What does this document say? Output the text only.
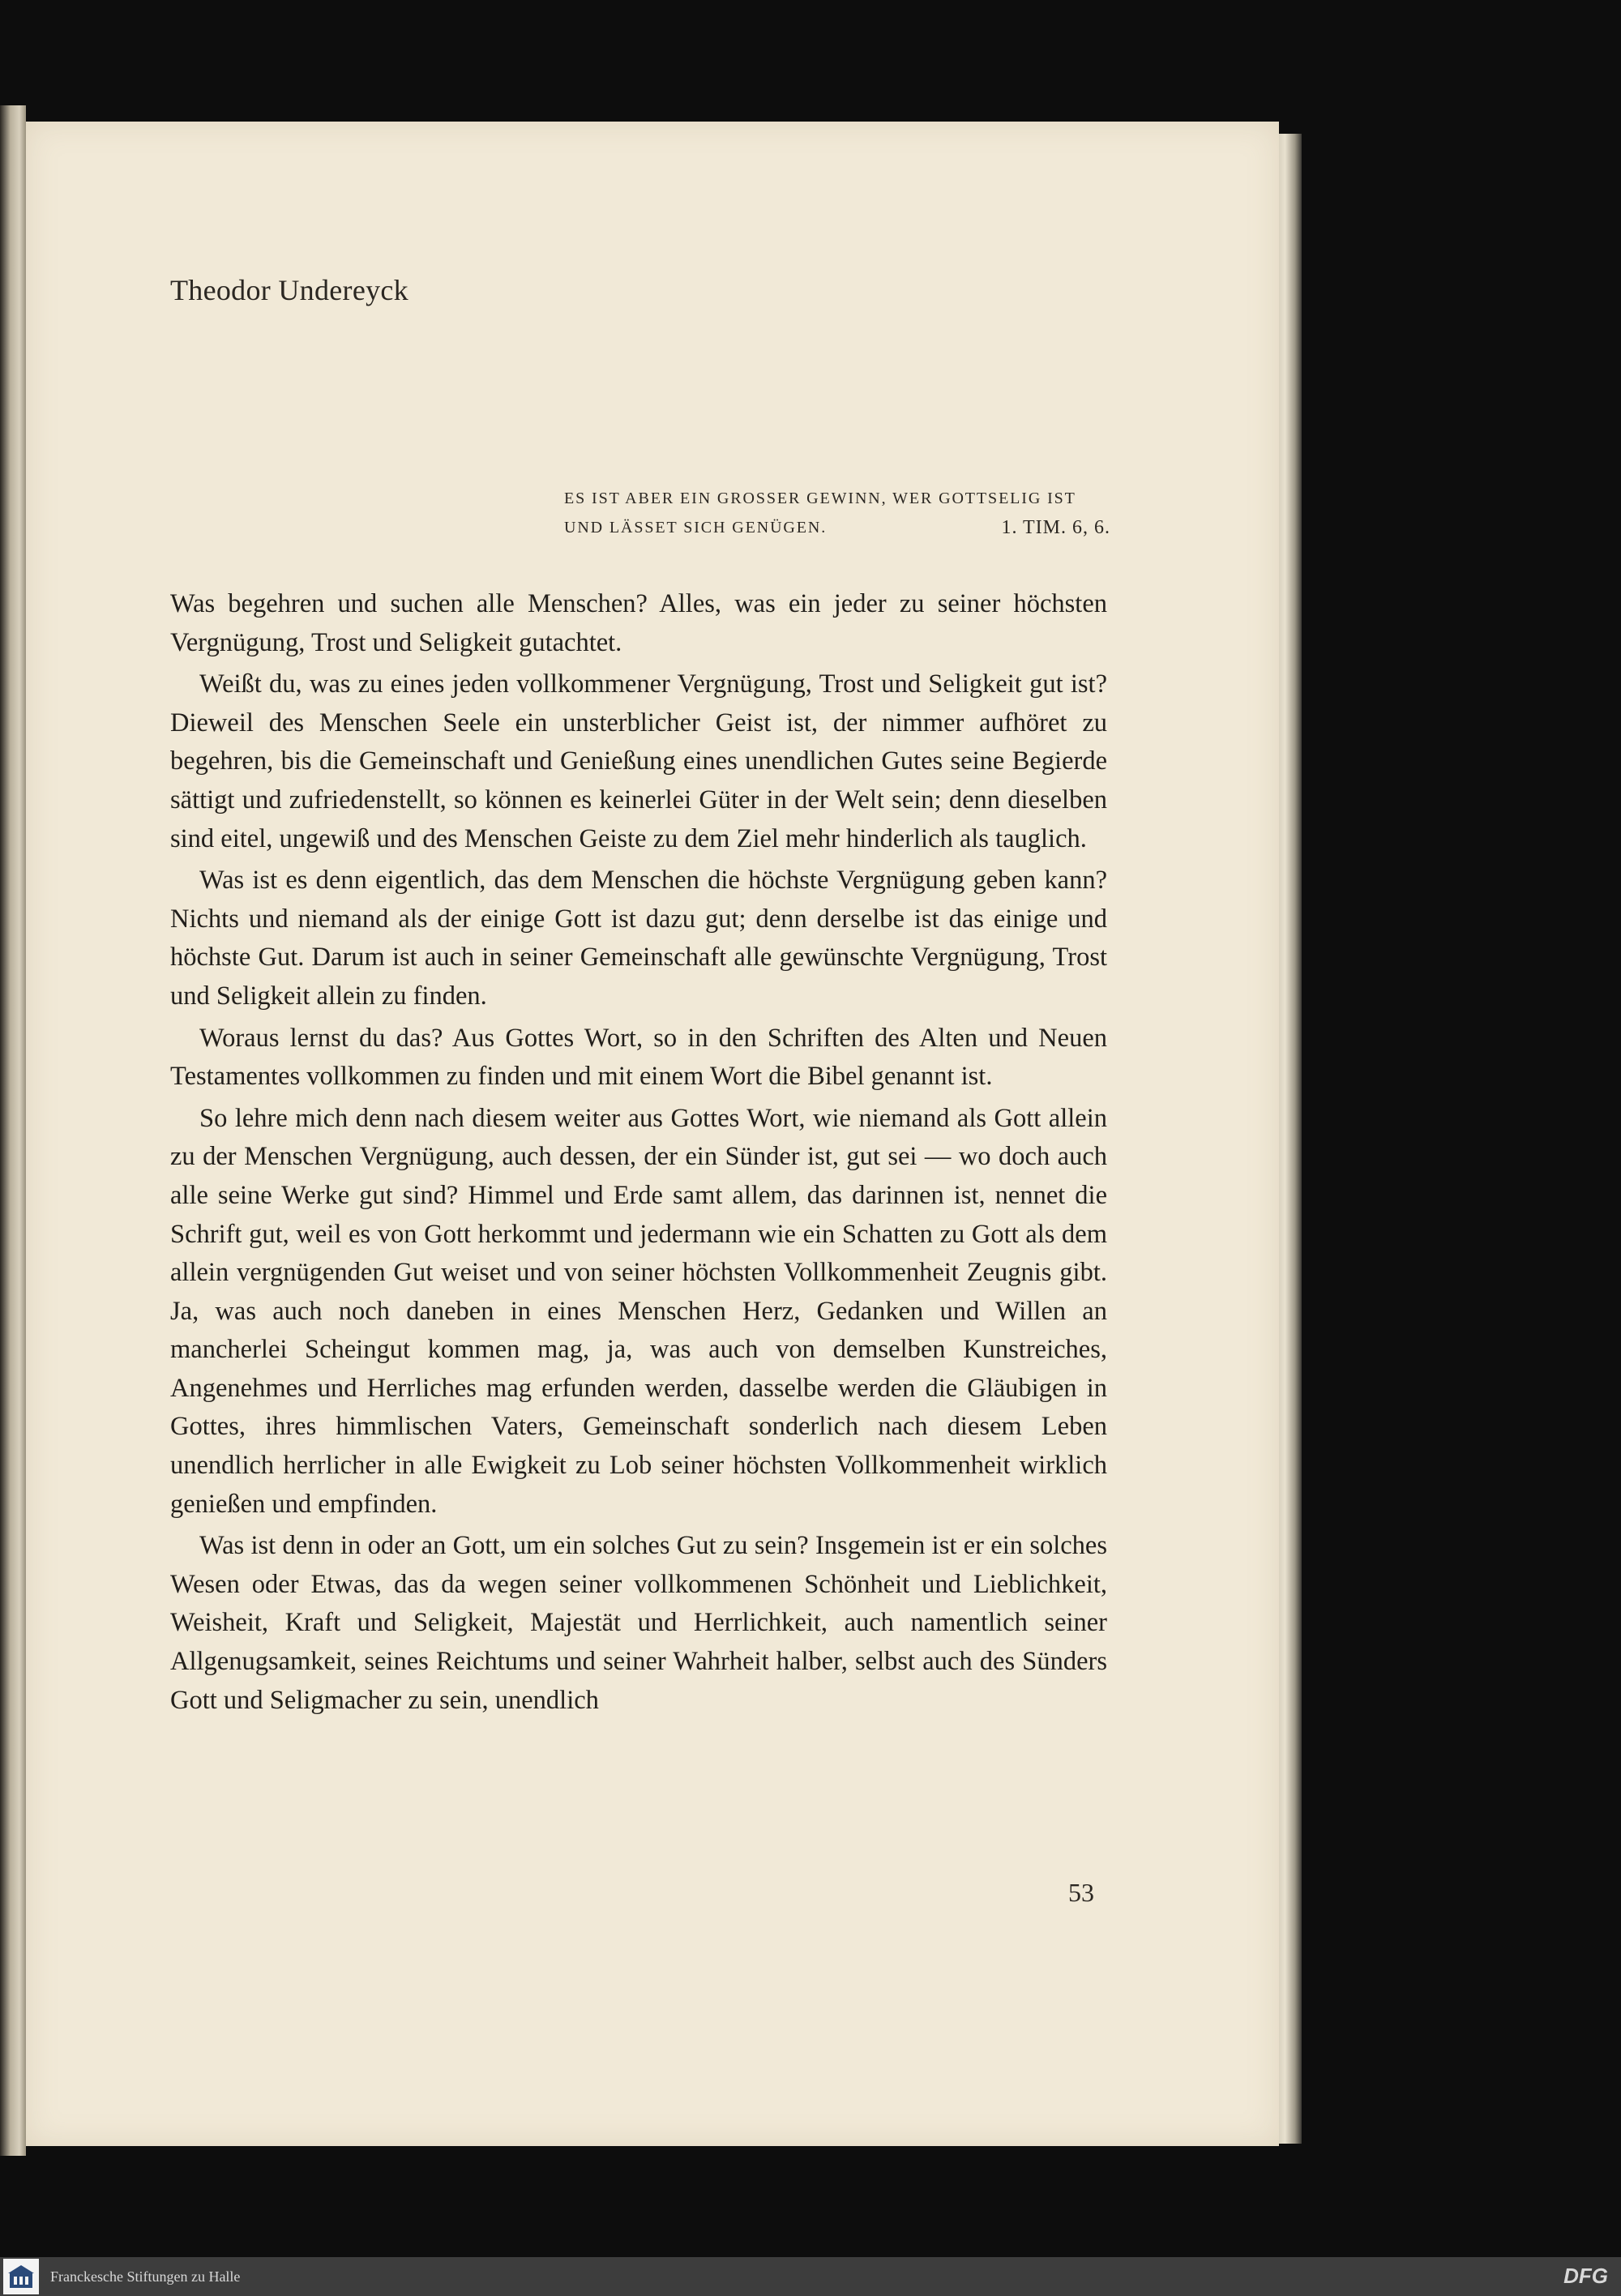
Theodor Undereyck
ES IST ABER EIN GROSSER GEWINN, WER GOTTSELIG IST
UND LÄSSET SICH GENÜGEN.	1. TIM. 6, 6.

Was begehren und suchen alle Menschen? Alles, was ein jeder zu seiner höchsten Vergnügung, Trost und Seligkeit gutachtet.

Weißt du, was zu eines jeden vollkommener Vergnügung, Trost und Seligkeit gut ist? Dieweil des Menschen Seele ein unsterblicher Geist ist, der nimmer aufhöret zu begehren, bis die Gemeinschaft und Genießung eines unendlichen Gutes seine Begierde sättigt und zufriedenstellt, so können es keinerlei Güter in der Welt sein; denn dieselben sind eitel, ungewiß und des Menschen Geiste zu dem Ziel mehr hinderlich als tauglich.

Was ist es denn eigentlich, das dem Menschen die höchste Vergnügung geben kann? Nichts und niemand als der einige Gott ist dazu gut; denn derselbe ist das einige und höchste Gut. Darum ist auch in seiner Gemeinschaft alle gewünschte Vergnügung, Trost und Seligkeit allein zu finden.

Woraus lernst du das? Aus Gottes Wort, so in den Schriften des Alten und Neuen Testamentes vollkommen zu finden und mit einem Wort die Bibel genannt ist.

So lehre mich denn nach diesem weiter aus Gottes Wort, wie niemand als Gott allein zu der Menschen Vergnügung, auch dessen, der ein Sünder ist, gut sei — wo doch auch alle seine Werke gut sind? Himmel und Erde samt allem, das darinnen ist, nennet die Schrift gut, weil es von Gott herkommt und jedermann wie ein Schatten zu Gott als dem allein vergnügenden Gut weiset und von seiner höchsten Vollkommenheit Zeugnis gibt. Ja, was auch noch daneben in eines Menschen Herz, Gedanken und Willen an mancherlei Scheingut kommen mag, ja, was auch von demselben Kunstreiches, Angenehmes und Herrliches mag erfunden werden, dasselbe werden die Gläubigen in Gottes, ihres himmlischen Vaters, Gemeinschaft sonderlich nach diesem Leben unendlich herrlicher in alle Ewigkeit zu Lob seiner höchsten Vollkommenheit wirklich genießen und empfinden.

Was ist denn in oder an Gott, um ein solches Gut zu sein? Insgemein ist er ein solches Wesen oder Etwas, das da wegen seiner vollkommenen Schönheit und Lieblichkeit, Weisheit, Kraft und Seligkeit, Majestät und Herrlichkeit, auch namentlich seiner Allgenugsamkeit, seines Reichtums und seiner Wahrheit halber, selbst auch des Sünders Gott und Seligmacher zu sein, unendlich

53
Franckesche Stiftungen zu Halle	DFG
